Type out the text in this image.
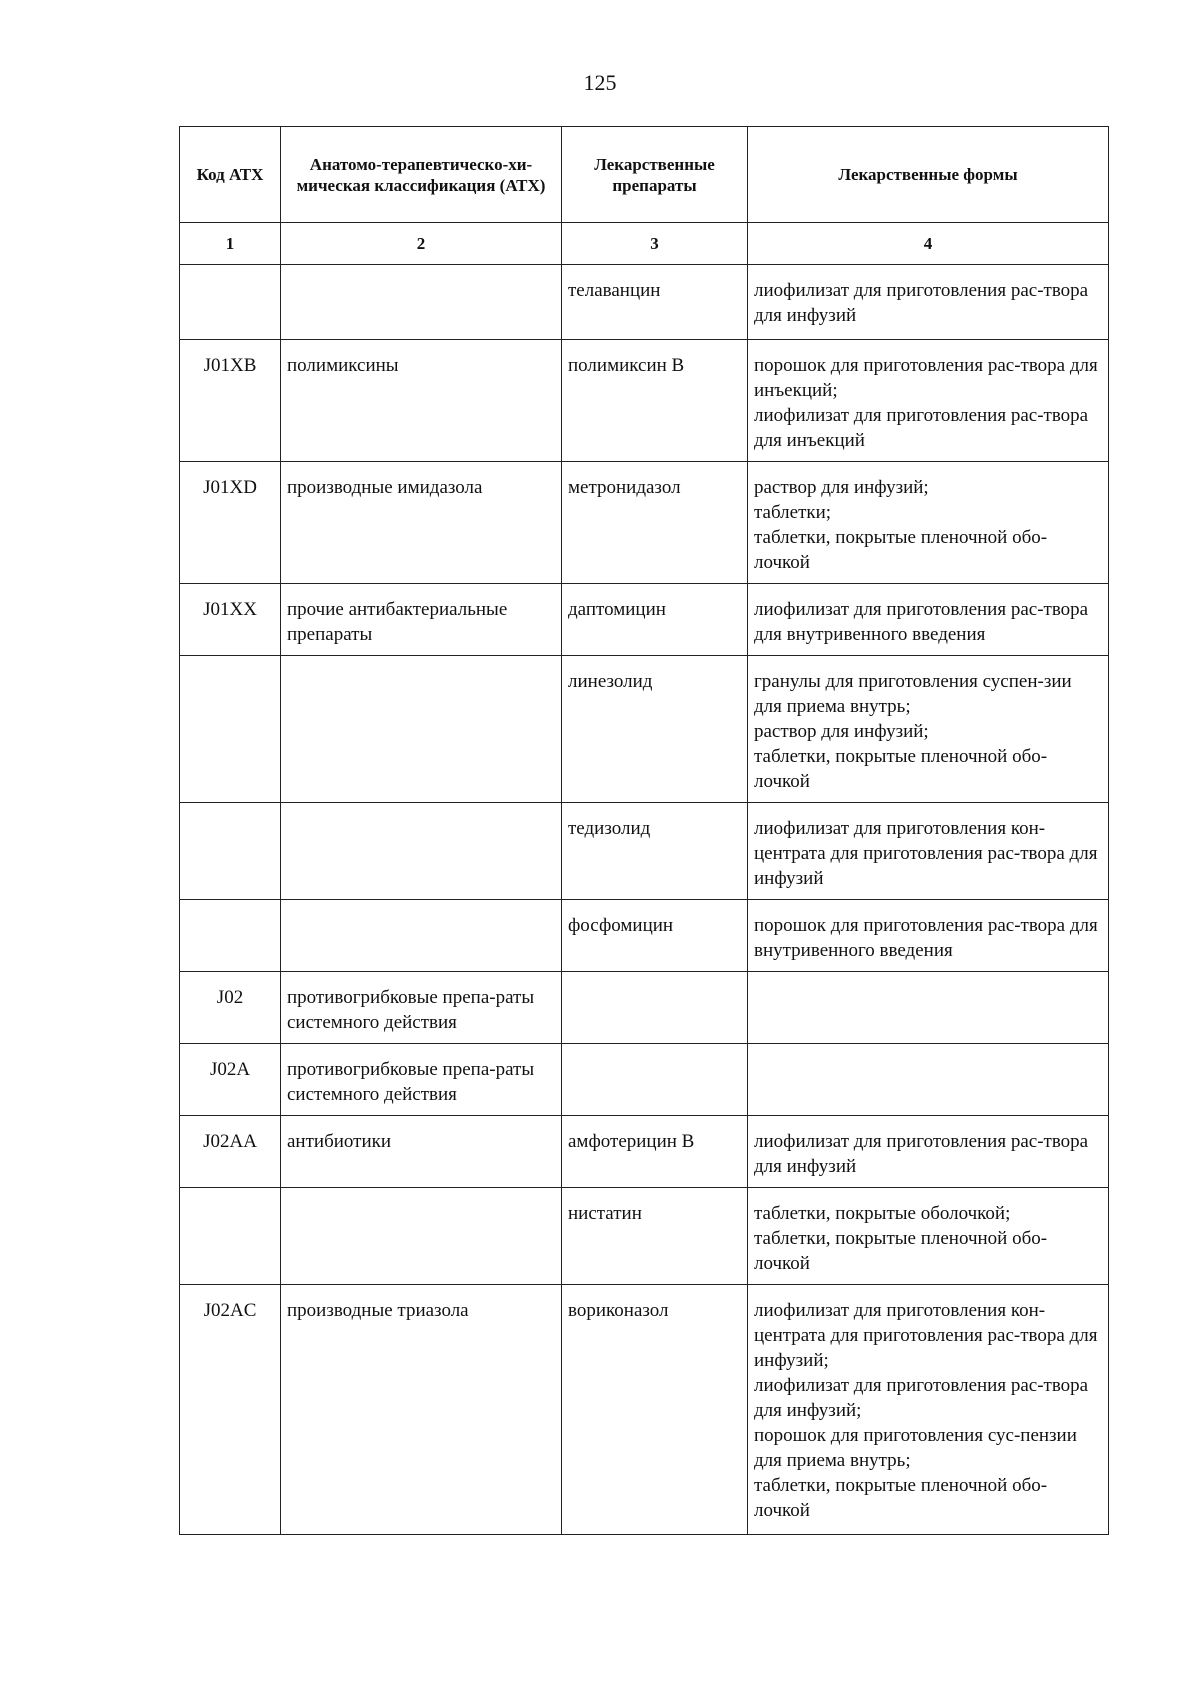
125
Код АТХ	Анатомо-терапевтическо-хи-мическая классификация (АТХ)	Лекарственные препараты	Лекарственные формы
1	2	3	4
		телаванцин	лиофилизат для приготовления рас-твора для инфузий

J01XB	полимиксины	полимиксин В	порошок для приготовления рас-твора для инъекций;
лиофилизат для приготовления рас-твора для инъекций

J01XD	производные имидазола	метронидазол	раствор для инфузий;
таблетки;
таблетки, покрытые пленочной обо-лочкой

J01XX	прочие антибактериальные препараты	даптомицин	лиофилизат для приготовления рас-твора для внутривенного введения

		линезолид	гранулы для приготовления суспен-зии для приема внутрь;
раствор для инфузий;
таблетки, покрытые пленочной обо-лочкой

		тедизолид	лиофилизат для приготовления кон-центрата для приготовления рас-твора для инфузий

		фосфомицин	порошок для приготовления рас-твора для внутривенного введения

J02	противогрибковые препа-раты системного действия		
J02A	противогрибковые препа-раты системного действия		
J02AA	антибиотики	амфотерицин В	лиофилизат для приготовления рас-твора для инфузий

		нистатин	таблетки, покрытые оболочкой;
таблетки, покрытые пленочной обо-лочкой

J02AC	производные триазола	вориконазол	лиофилизат для приготовления кон-центрата для приготовления рас-твора для инфузий;
лиофилизат для приготовления рас-твора для инфузий;
порошок для приготовления сус-пензии для приема внутрь;
таблетки, покрытые пленочной обо-лочкой
